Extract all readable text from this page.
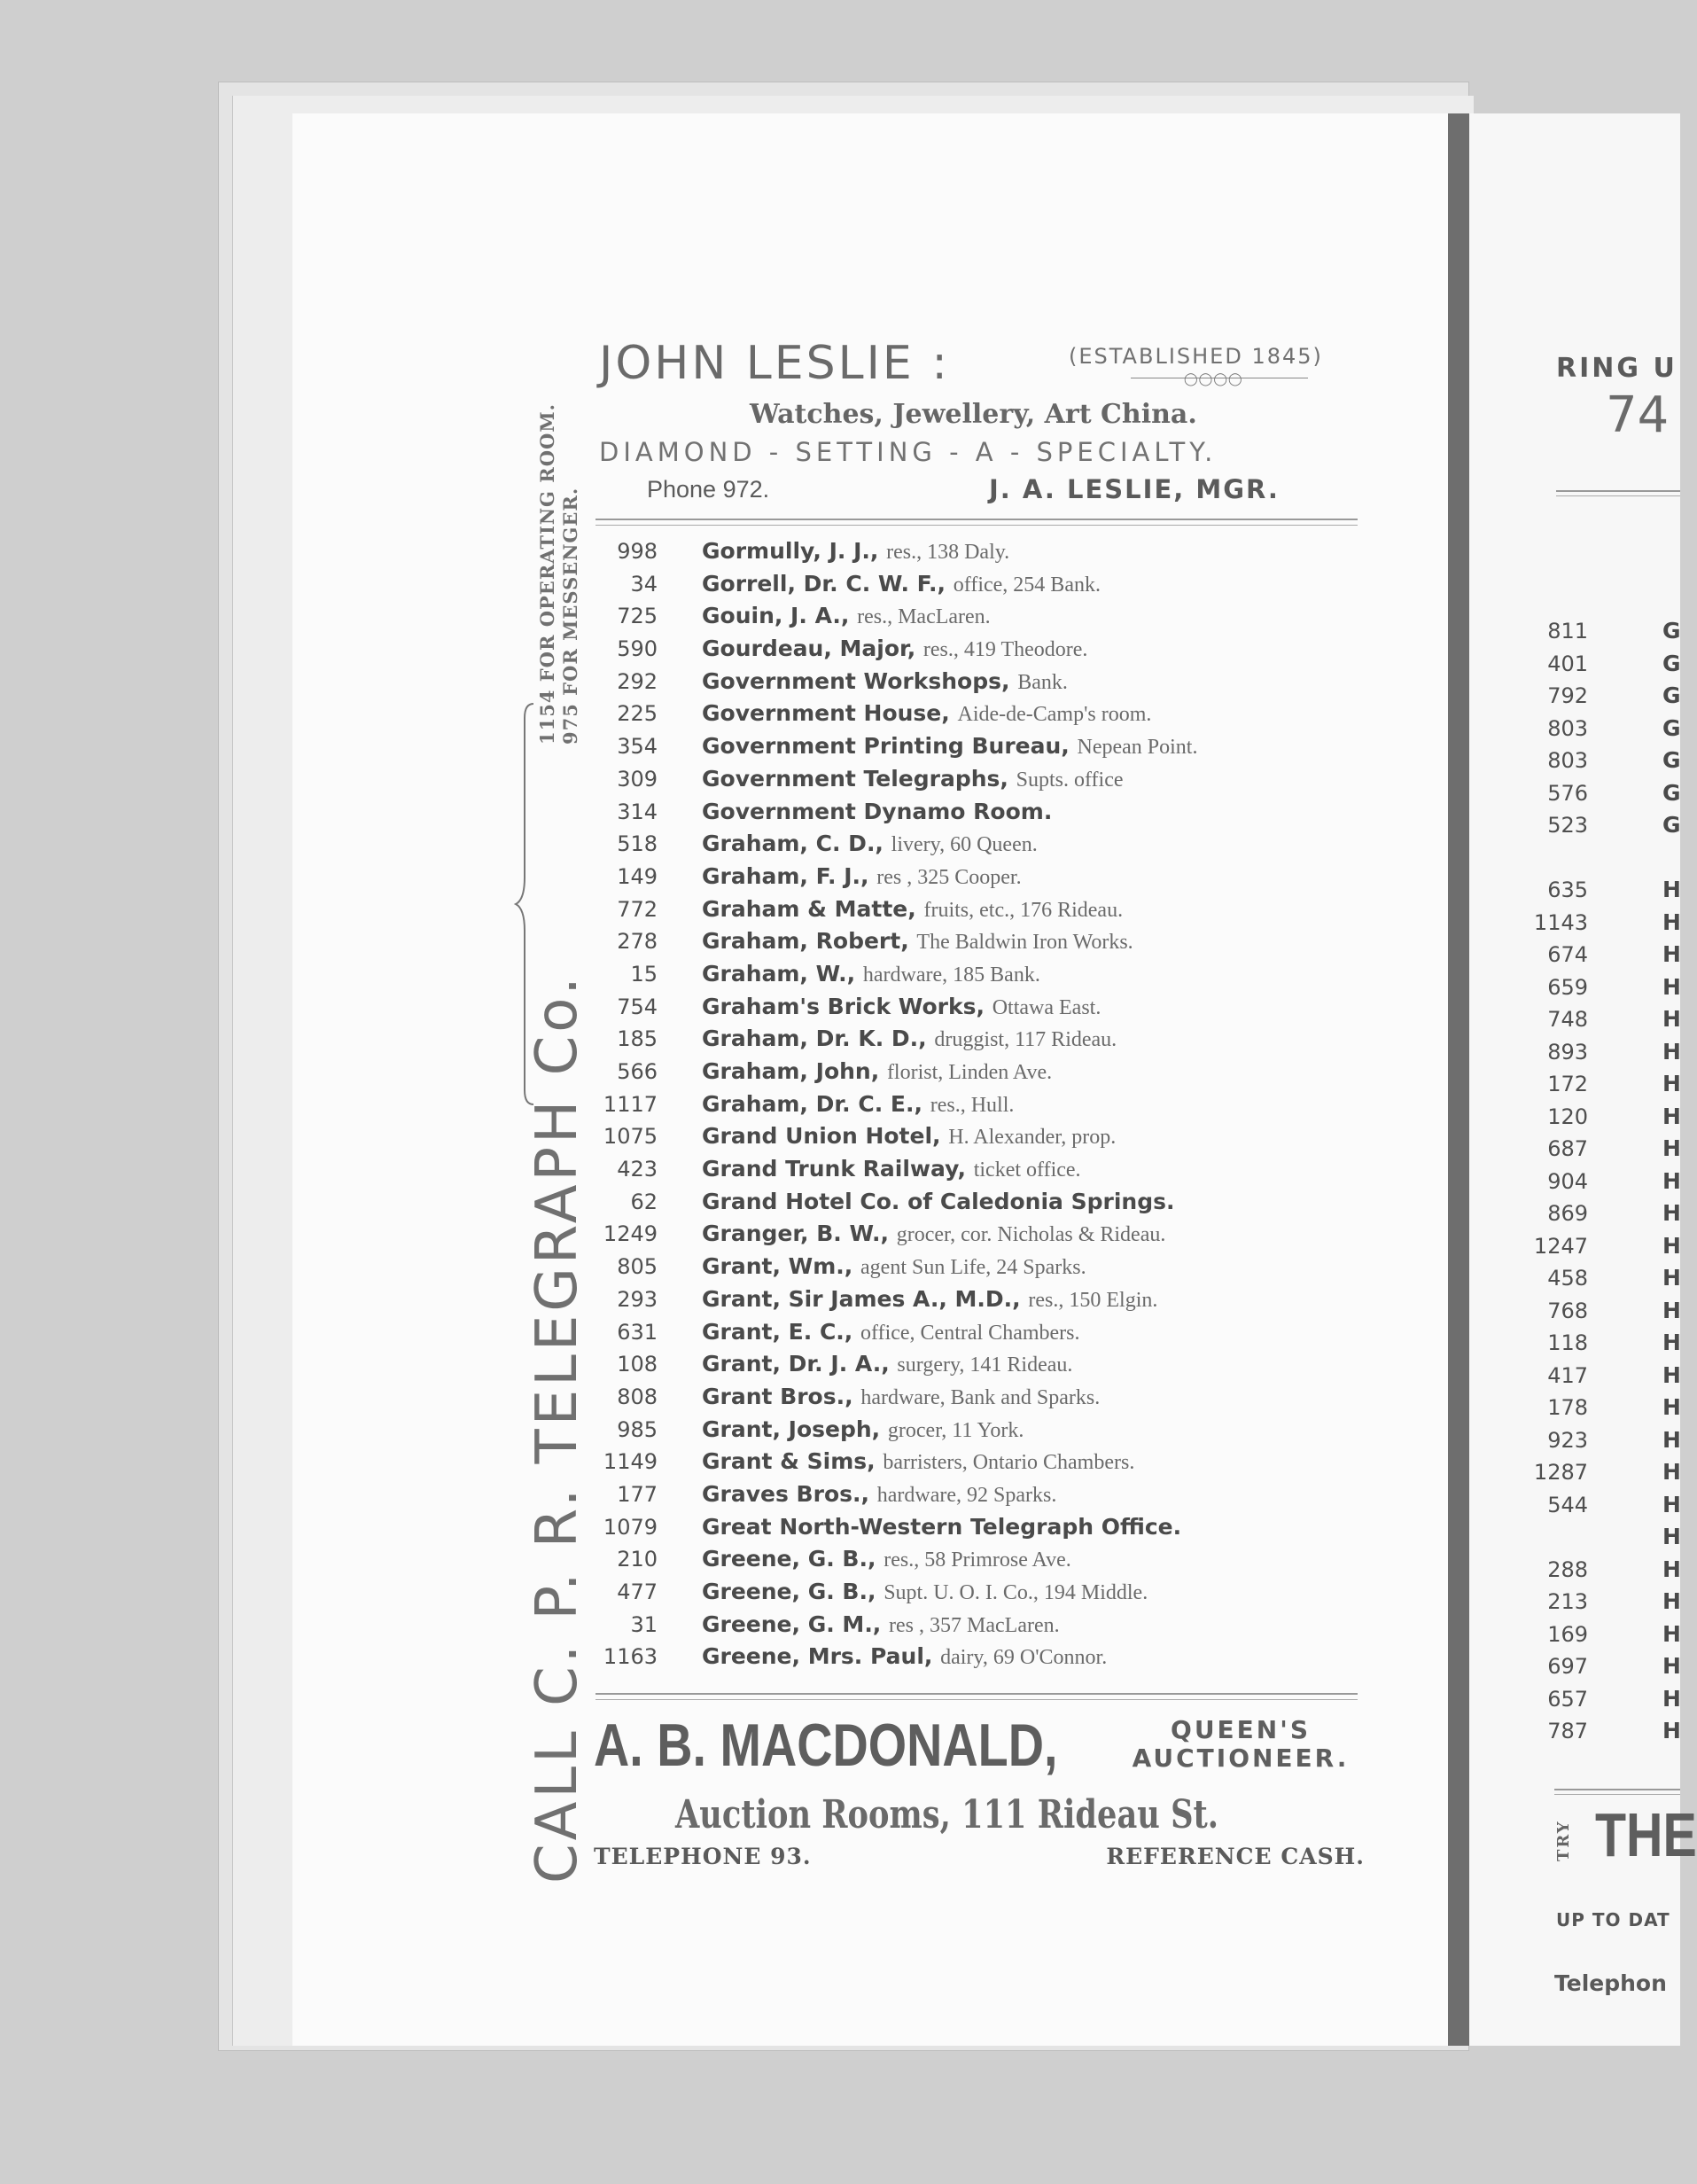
RING U
74
811	G
401	G
792	G
803	G
803	G
576	G
523	G
635	H
1143	H
674	H
659	H
748	H
893	H
172	H
120	H
687	H
904	H
869	H
1247	H
458	H
768	H
118	H
417	H
178	H
923	H
1287	H
544	H
H
288	H
213	H
169	H
697	H
657	H
787	H
TRY THE
UP TO DAT
Telephon
CALL C. P. R. TELEGRAPH Co.
1154 FOR OPERATING ROOM. 975 FOR MESSENGER.
JOHN LESLIE :	(ESTABLISHED 1845)
◯◯◯◯
Watches, Jewellery, Art China.
DIAMOND - SETTING - A - SPECIALTY.
Phone 972.	J. A. LESLIE, MGR.
998 Gormully, J. J., res., 138 Daly.
34 Gorrell, Dr. C. W. F., office, 254 Bank.
725 Gouin, J. A., res., MacLaren.
590 Gourdeau, Major, res., 419 Theodore.
292 Government Workshops, Bank.
225 Government House, Aide-de-Camp's room.
354 Government Printing Bureau, Nepean Point.
309 Government Telegraphs, Supts. office
314 Government Dynamo Room.
518 Graham, C. D., livery, 60 Queen.
149 Graham, F. J., res , 325 Cooper.
772 Graham & Matte, fruits, etc., 176 Rideau.
278 Graham, Robert, The Baldwin Iron Works.
15 Graham, W., hardware, 185 Bank.
754 Graham's Brick Works, Ottawa East.
185 Graham, Dr. K. D., druggist, 117 Rideau.
566 Graham, John, florist, Linden Ave.
1117 Graham, Dr. C. E., res., Hull.
1075 Grand Union Hotel, H. Alexander, prop.
423 Grand Trunk Railway, ticket office.
62 Grand Hotel Co. of Caledonia Springs.
1249 Granger, B. W., grocer, cor. Nicholas & Rideau.
805 Grant, Wm., agent Sun Life, 24 Sparks.
293 Grant, Sir James A., M.D., res., 150 Elgin.
631 Grant, E. C., office, Central Chambers.
108 Grant, Dr. J. A., surgery, 141 Rideau.
808 Grant Bros., hardware, Bank and Sparks.
985 Grant, Joseph, grocer, 11 York.
1149 Grant & Sims, barristers, Ontario Chambers.
177 Graves Bros., hardware, 92 Sparks.
1079 Great North-Western Telegraph Office.
210 Greene, G. B., res., 58 Primrose Ave.
477 Greene, G. B., Supt. U. O. I. Co., 194 Middle.
31 Greene, G. M., res , 357 MacLaren.
1163 Greene, Mrs. Paul, dairy, 69 O'Connor.
A. B. MACDONALD,	QUEEN'S
AUCTIONEER.
Auction Rooms, 111 Rideau St.
TELEPHONE 93.	REFERENCE CASH.
